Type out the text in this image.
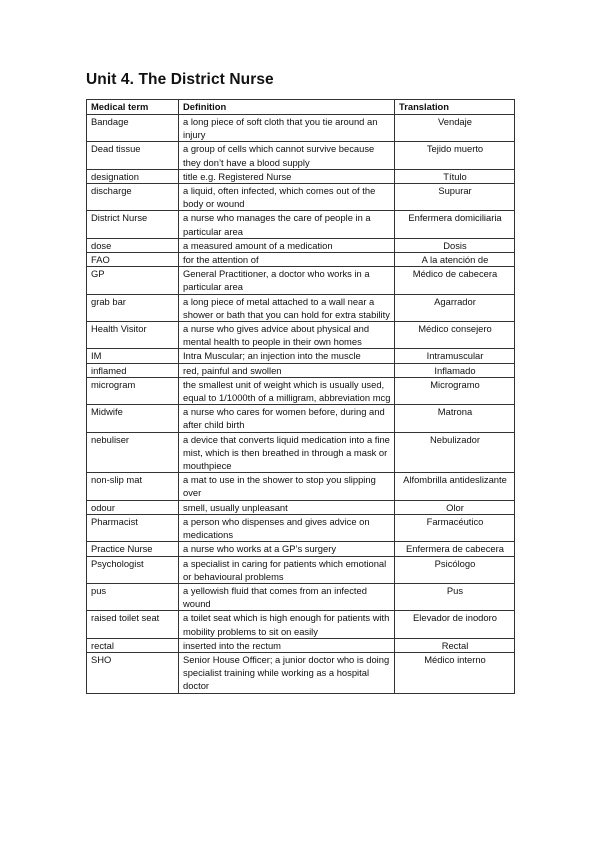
Unit 4. The District Nurse
Medical term	Definition	Translation
Bandage	a long piece of soft cloth that you tie around an injury	Vendaje
Dead tissue	a group of cells which cannot survive because they don’t have a blood supply	Tejido muerto
designation	title e.g. Registered Nurse	Título
discharge	a liquid, often infected, which comes out of the body or wound	Supurar
District Nurse	a nurse who manages the care of people in a particular area	Enfermera domiciliaria
dose	a measured amount of a medication	Dosis
FAO	for the attention of	A la atención de
GP	General Practitioner, a doctor who works in a particular area	Médico de cabecera
grab bar	a long piece of metal attached to a wall near a shower or bath that you can hold for extra stability	Agarrador
Health Visitor	a nurse who gives advice about physical and mental health to people in their own homes	Médico consejero
IM	Intra Muscular; an injection into the muscle	Intramuscular
inflamed	red, painful and swollen	Inflamado
microgram	the smallest unit of weight which is usually used, equal to 1/1000th of a milligram, abbreviation mcg	Microgramo
Midwife	a nurse who cares for women before, during and after child birth	Matrona
nebuliser	a device that converts liquid medication into a fine mist, which is then breathed in through a mask or mouthpiece	Nebulizador
non-slip mat	a mat to use in the shower to stop you slipping over	Alfombrilla antideslizante
odour	smell, usually unpleasant	Olor
Pharmacist	a person who dispenses and gives advice on medications	Farmacéutico
Practice Nurse	a nurse who works at a GP’s surgery	Enfermera de cabecera
Psychologist	a specialist in caring for patients which emotional or behavioural problems	Psicólogo
pus	a yellowish fluid that comes from an infected wound	Pus
raised toilet seat	a toilet seat which is high enough for patients with mobility problems to sit on easily	Elevador de inodoro
rectal	inserted into the rectum	Rectal
SHO	Senior House Officer; a junior doctor who is doing specialist training while working as a hospital doctor	Médico interno
